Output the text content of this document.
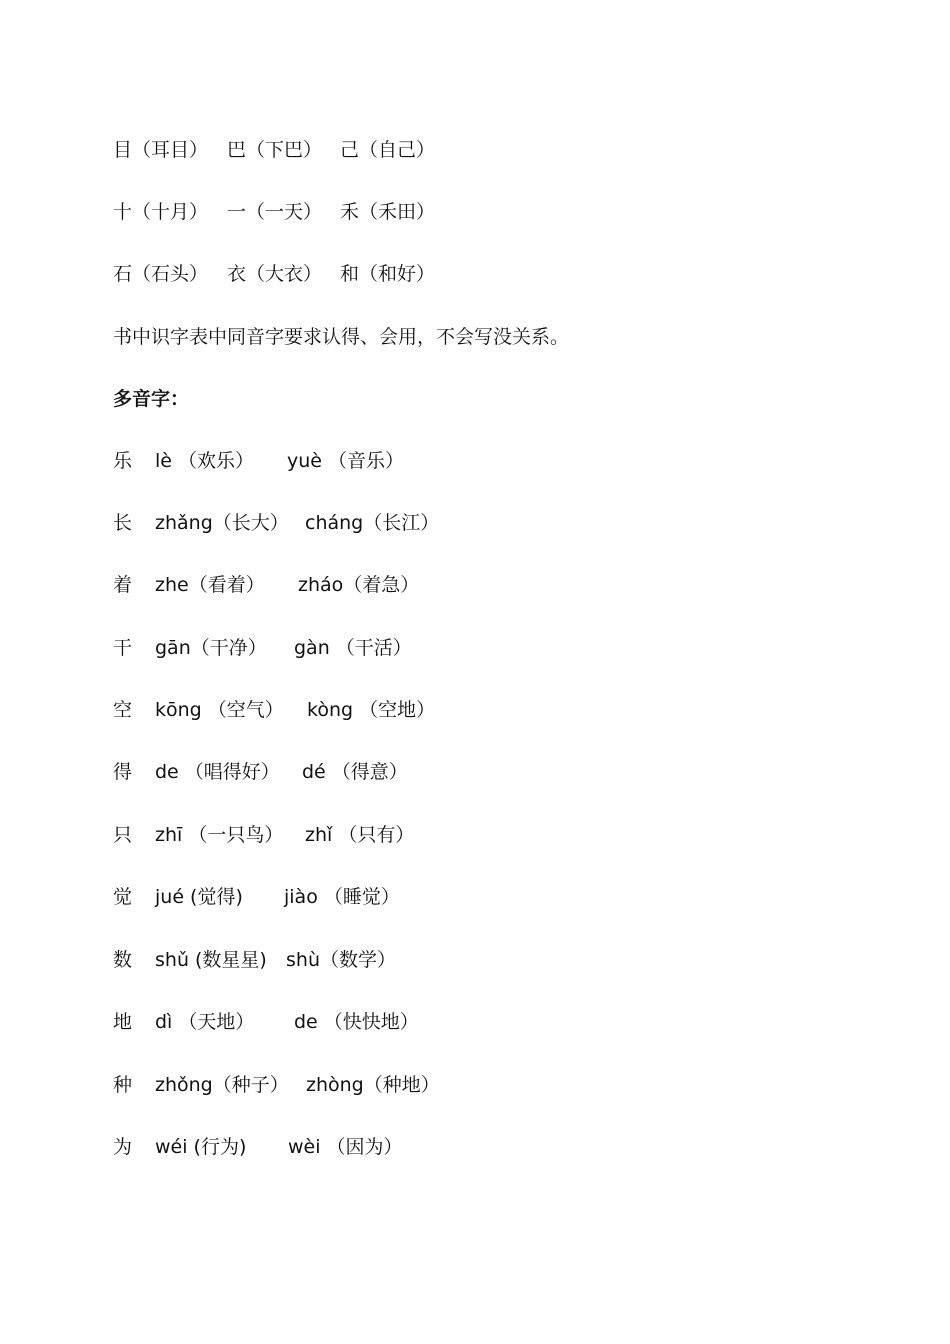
目（耳目）

巴（下巴）

己（自己）

十（十月）

一（一天）

禾（禾田）

石（石头）

衣（大衣）

和（和好）

书中识字表中同音字要求认得、会用，不会写没关系。
多音字：

乐

lè （欢乐）

yuè （音乐）

长

zhǎng（长大）

cháng（长江）

着

zhe（看着）

zháo（着急）

干

gān（干净）

gàn （干活）

空

kōng （空气）

kòng （空地）

得

de （唱得好）

dé （得意）

只

zhī （一只鸟）

zhǐ （只有）

觉

jué (觉得)

jiào （睡觉）

数

shǔ (数星星)

shù（数学）

地

dì （天地）

de （快快地）

种

zhǒng（种子）

zhòng（种地）

为

wéi (行为)

wèi （因为）
